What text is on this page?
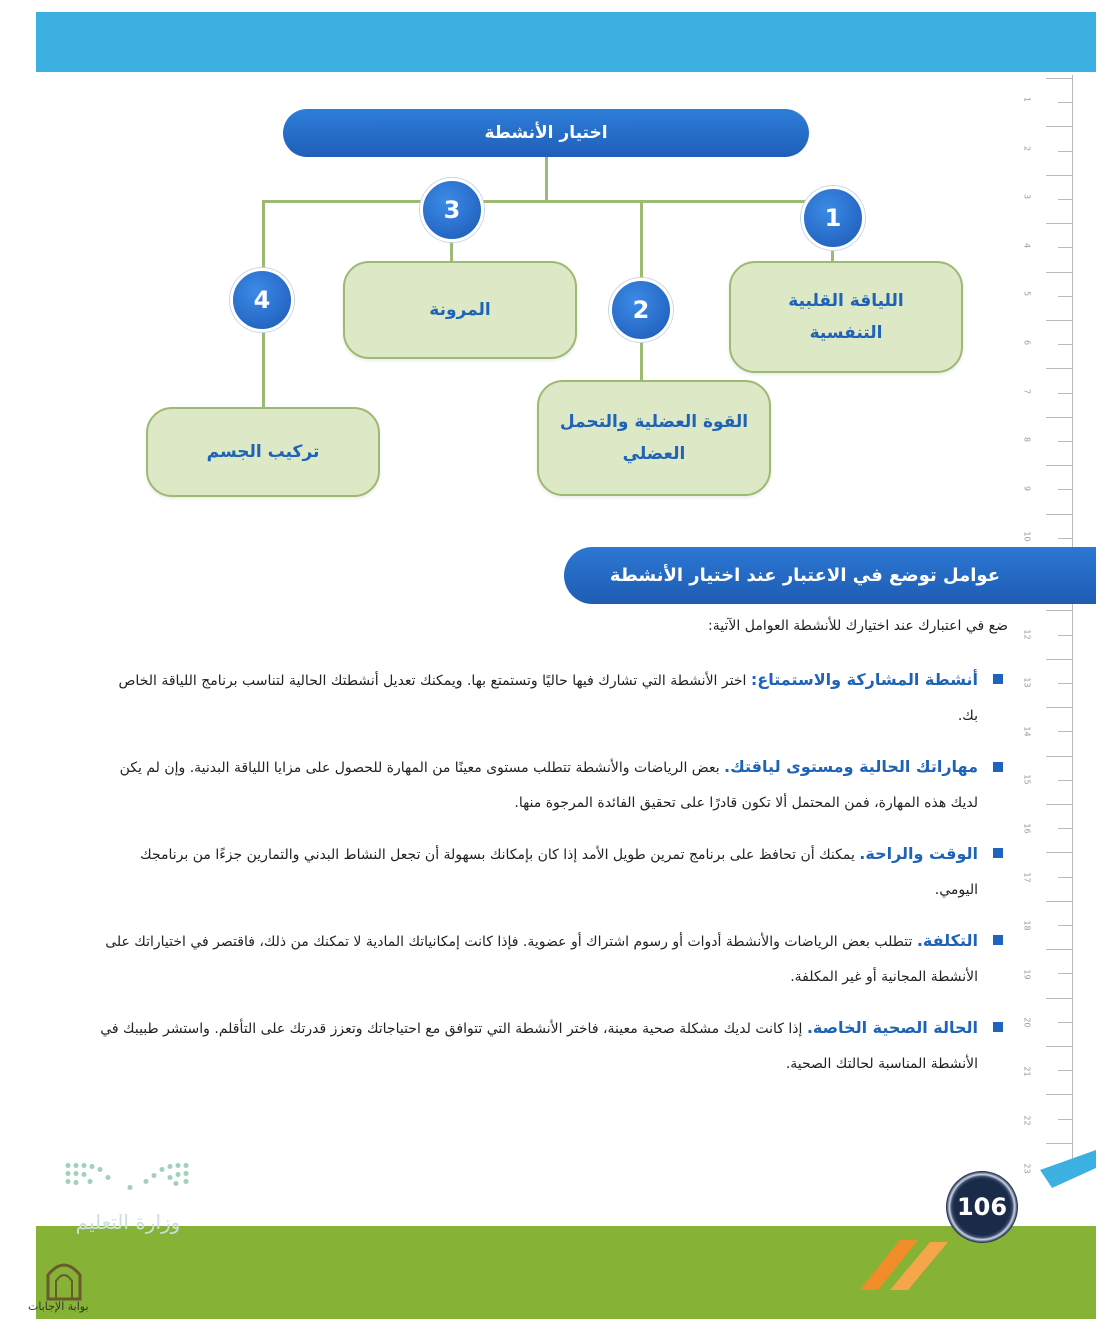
1
2
3
4
5
6
7
8
9
10
12
13
14
15
16
17
18
19
20
21
22
23
اختيار الأنشطة
اللياقة القلبية
التنفسية
1
المرونة
3
القوة العضلية والتحمل
العضلي
2
تركيب الجسم
4
عوامل توضع في الاعتبار عند اختيار الأنشطة
ضع في اعتبارك عند اختيارك للأنشطة العوامل الآتية:
أنشطة المشاركة والاستمتاع: اختر الأنشطة التي تشارك فيها حاليًا وتستمتع بها. ويمكنك تعديل أنشطتك الحالية لتناسب برنامج اللياقة الخاص بك.
مهاراتك الحالية ومستوى لياقتك. بعض الرياضات والأنشطة تتطلب مستوى معينًا من المهارة للحصول على مزايا اللياقة البدنية. وإن لم يكن لديك هذه المهارة، فمن المحتمل ألا تكون قادرًا على تحقيق الفائدة المرجوة منها.
الوقت والراحة. يمكنك أن تحافظ على برنامج تمرين طويل الأمد إذا كان بإمكانك بسهولة أن تجعل النشاط البدني والتمارين جزءًا من برنامجك اليومي.
التكلفة. تتطلب بعض الرياضات والأنشطة أدوات أو رسوم اشتراك أو عضوية. فإذا كانت إمكانياتك المادية لا تمكنك من ذلك، فاقتصر في اختياراتك على الأنشطة المجانية أو غير المكلفة.
الحالة الصحية الخاصة. إذا كانت لديك مشكلة صحية معينة، فاختر الأنشطة التي تتوافق مع احتياجاتك وتعزز قدرتك على التأقلم. واستشر طبيبك في الأنشطة المناسبة لحالتك الصحية.
106
وزارة التعليم
بوابة الإجابات
